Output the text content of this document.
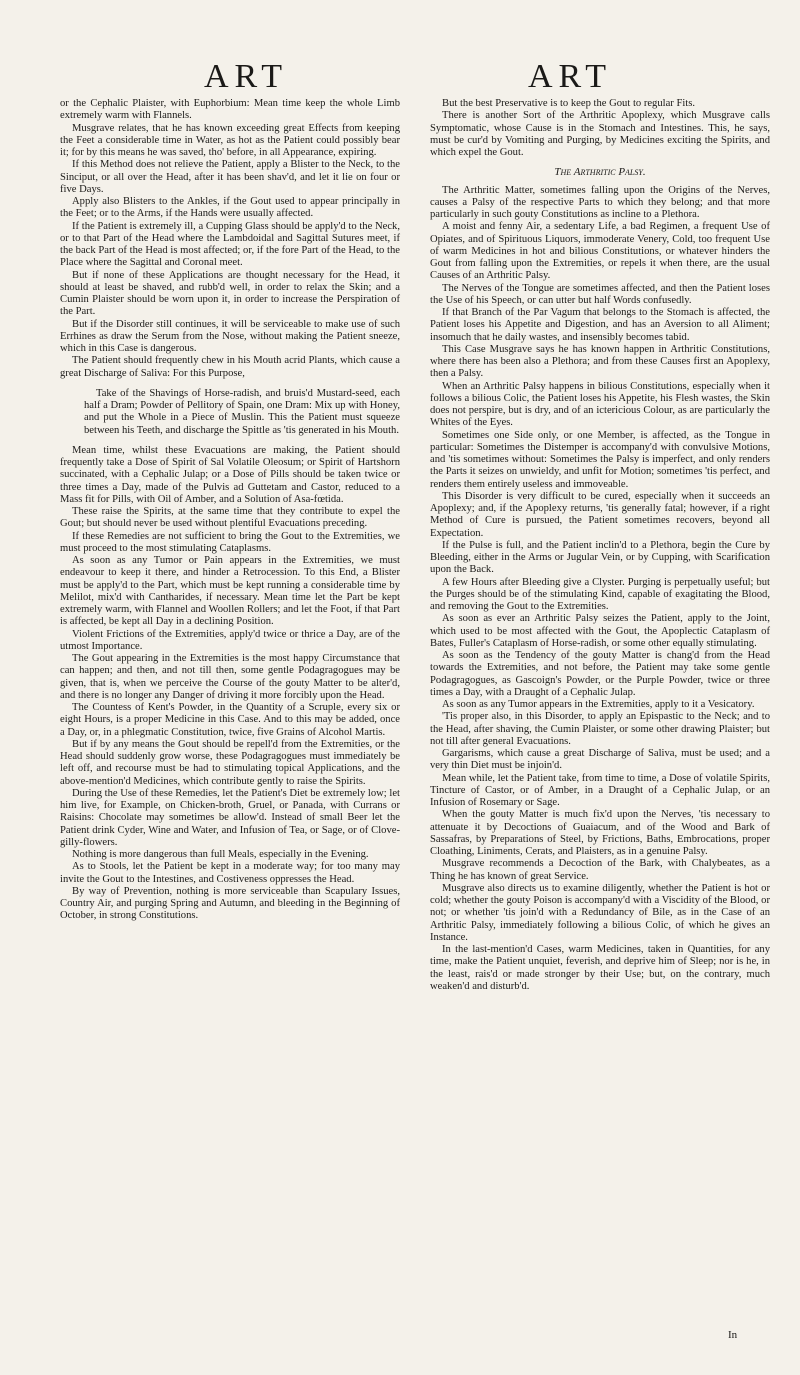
ART	ART

or the Cephalic Plaister, with Euphorbium: Mean time keep the whole Limb extremely warm with Flannels.

Musgrave relates, that he has known exceeding great Effects from keeping the Feet a considerable time in Water, as hot as the Patient could possibly bear it; for by this means he was saved, tho' before, in all Appearance, expiring.

If this Method does not relieve the Patient, apply a Blister to the Neck, to the Sinciput, or all over the Head, after it has been shav'd, and let it lie on four or five Days.

Apply also Blisters to the Ankles, if the Gout used to appear principally in the Feet; or to the Arms, if the Hands were usually affected.

If the Patient is extremely ill, a Cupping Glass should be apply'd to the Neck, or to that Part of the Head where the Lambdoidal and Sagittal Sutures meet, if the back Part of the Head is most affected; or, if the fore Part of the Head, to the Place where the Sagittal and Coronal meet.

But if none of these Applications are thought necessary for the Head, it should at least be shaved, and rubb'd well, in order to relax the Skin; and a Cumin Plaister should be worn upon it, in order to increase the Perspiration of the Part.

But if the Disorder still continues, it will be serviceable to make use of such Errhines as draw the Serum from the Nose, without making the Patient sneeze, which in this Case is dangerous.

The Patient should frequently chew in his Mouth acrid Plants, which cause a great Discharge of Saliva: For this Purpose,

Take of the Shavings of Horse-radish, and bruis'd Mustard-seed, each half a Dram; Powder of Pellitory of Spain, one Dram: Mix up with Honey, and put the Whole in a Piece of Muslin. This the Patient must squeeze between his Teeth, and discharge the Spittle as 'tis generated in his Mouth.

Mean time, whilst these Evacuations are making, the Patient should frequently take a Dose of Spirit of Sal Volatile Oleosum; or Spirit of Hartshorn succinated, with a Cephalic Julap; or a Dose of Pills should be taken twice or three times a Day, made of the Pulvis ad Guttetam and Castor, reduced to a Mass fit for Pills, with Oil of Amber, and a Solution of Asa-fœtida.

These raise the Spirits, at the same time that they contribute to expel the Gout; but should never be used without plentiful Evacuations preceding.

If these Remedies are not sufficient to bring the Gout to the Extremities, we must proceed to the most stimulating Cataplasms.

As soon as any Tumor or Pain appears in the Extremities, we must endeavour to keep it there, and hinder a Retrocession. To this End, a Blister must be apply'd to the Part, which must be kept running a considerable time by Melilot, mix'd with Cantharides, if necessary. Mean time let the Part be kept extremely warm, with Flannel and Woollen Rollers; and let the Foot, if that Part is affected, be kept all Day in a declining Position.

Violent Frictions of the Extremities, apply'd twice or thrice a Day, are of the utmost Importance.

The Gout appearing in the Extremities is the most happy Circumstance that can happen; and then, and not till then, some gentle Podagragogues may be given, that is, when we perceive the Course of the gouty Matter to be alter'd, and there is no longer any Danger of driving it more forcibly upon the Head.

The Countess of Kent's Powder, in the Quantity of a Scruple, every six or eight Hours, is a proper Medicine in this Case. And to this may be added, once a Day, or, in a phlegmatic Constitution, twice, five Grains of Alcohol Martis.

But if by any means the Gout should be repell'd from the Extremities, or the Head should suddenly grow worse, these Podagragogues must immediately be left off, and recourse must be had to stimulating topical Applications, and the above-mention'd Medicines, which contribute gently to raise the Spirits.

During the Use of these Remedies, let the Patient's Diet be extremely low; let him live, for Example, on Chicken-broth, Gruel, or Panada, with Currans or Raisins: Chocolate may sometimes be allow'd. Instead of small Beer let the Patient drink Cyder, Wine and Water, and Infusion of Tea, or Sage, or of Clove-gilly-flowers.

Nothing is more dangerous than full Meals, especially in the Evening.

As to Stools, let the Patient be kept in a moderate way; for too many may invite the Gout to the Intestines, and Costiveness oppresses the Head.

By way of Prevention, nothing is more serviceable than Scapulary Issues, Country Air, and purging Spring and Autumn, and bleeding in the Beginning of October, in strong Constitutions.

But the best Preservative is to keep the Gout to regular Fits.

There is another Sort of the Arthritic Apoplexy, which Musgrave calls Symptomatic, whose Cause is in the Stomach and Intestines. This, he says, must be cur'd by Vomiting and Purging, by Medicines exciting the Spirits, and which expel the Gout.

The Arthritic Palsy.

The Arthritic Matter, sometimes falling upon the Origins of the Nerves, causes a Palsy of the respective Parts to which they belong; and that more particularly in such gouty Constitutions as incline to a Plethora.

A moist and fenny Air, a sedentary Life, a bad Regimen, a frequent Use of Opiates, and of Spirituous Liquors, immoderate Venery, Cold, too frequent Use of warm Medicines in hot and bilious Constitutions, or whatever hinders the Gout from falling upon the Extremities, or repels it when there, are the usual Causes of an Arthritic Palsy.

The Nerves of the Tongue are sometimes affected, and then the Patient loses the Use of his Speech, or can utter but half Words confusedly.

If that Branch of the Par Vagum that belongs to the Stomach is affected, the Patient loses his Appetite and Digestion, and has an Aversion to all Aliment; insomuch that he daily wastes, and insensibly becomes tabid.

This Case Musgrave says he has known happen in Arthritic Constitutions, where there has been also a Plethora; and from these Causes first an Apoplexy, then a Palsy.

When an Arthritic Palsy happens in bilious Constitutions, especially when it follows a bilious Colic, the Patient loses his Appetite, his Flesh wastes, the Skin does not perspire, but is dry, and of an ictericious Colour, as are particularly the Whites of the Eyes.

Sometimes one Side only, or one Member, is affected, as the Tongue in particular: Sometimes the Distemper is accompany'd with convulsive Motions, and 'tis sometimes without: Sometimes the Palsy is imperfect, and only renders the Parts it seizes on unwieldy, and unfit for Motion; sometimes 'tis perfect, and renders them entirely useless and immoveable.

This Disorder is very difficult to be cured, especially when it succeeds an Apoplexy; and, if the Apoplexy returns, 'tis generally fatal; however, if a right Method of Cure is pursued, the Patient sometimes recovers, beyond all Expectation.

If the Pulse is full, and the Patient inclin'd to a Plethora, begin the Cure by Bleeding, either in the Arms or Jugular Vein, or by Cupping, with Scarification upon the Back.

A few Hours after Bleeding give a Clyster. Purging is perpetually useful; but the Purges should be of the stimulating Kind, capable of exagitating the Blood, and removing the Gout to the Extremities.

As soon as ever an Arthritic Palsy seizes the Patient, apply to the Joint, which used to be most affected with the Gout, the Apoplectic Cataplasm of Bates, Fuller's Cataplasm of Horse-radish, or some other equally stimulating.

As soon as the Tendency of the gouty Matter is chang'd from the Head towards the Extremities, and not before, the Patient may take some gentle Podagragogues, as Gascoign's Powder, or the Purple Powder, twice or three times a Day, with a Draught of a Cephalic Julap.

As soon as any Tumor appears in the Extremities, apply to it a Vesicatory.

'Tis proper also, in this Disorder, to apply an Epispastic to the Neck; and to the Head, after shaving, the Cumin Plaister, or some other drawing Plaister; but not till after general Evacuations.

Gargarisms, which cause a great Discharge of Saliva, must be used; and a very thin Diet must be injoin'd.

Mean while, let the Patient take, from time to time, a Dose of volatile Spirits, Tincture of Castor, or of Amber, in a Draught of a Cephalic Julap, or an Infusion of Rosemary or Sage.

When the gouty Matter is much fix'd upon the Nerves, 'tis necessary to attenuate it by Decoctions of Guaiacum, and of the Wood and Bark of Sassafras, by Preparations of Steel, by Frictions, Baths, Embrocations, proper Cloathing, Liniments, Cerats, and Plaisters, as in a genuine Palsy.

Musgrave recommends a Decoction of the Bark, with Chalybeates, as a Thing he has known of great Service.

Musgrave also directs us to examine diligently, whether the Patient is hot or cold; whether the gouty Poison is accompany'd with a Viscidity of the Blood, or not; or whether 'tis join'd with a Redundancy of Bile, as in the Case of an Arthritic Palsy, immediately following a bilious Colic, of which he gives an Instance.

In the last-mention'd Cases, warm Medicines, taken in Quantities, for any time, make the Patient unquiet, feverish, and deprive him of Sleep; nor is he, in the least, rais'd or made stronger by their Use; but, on the contrary, much weaken'd and disturb'd.

In
